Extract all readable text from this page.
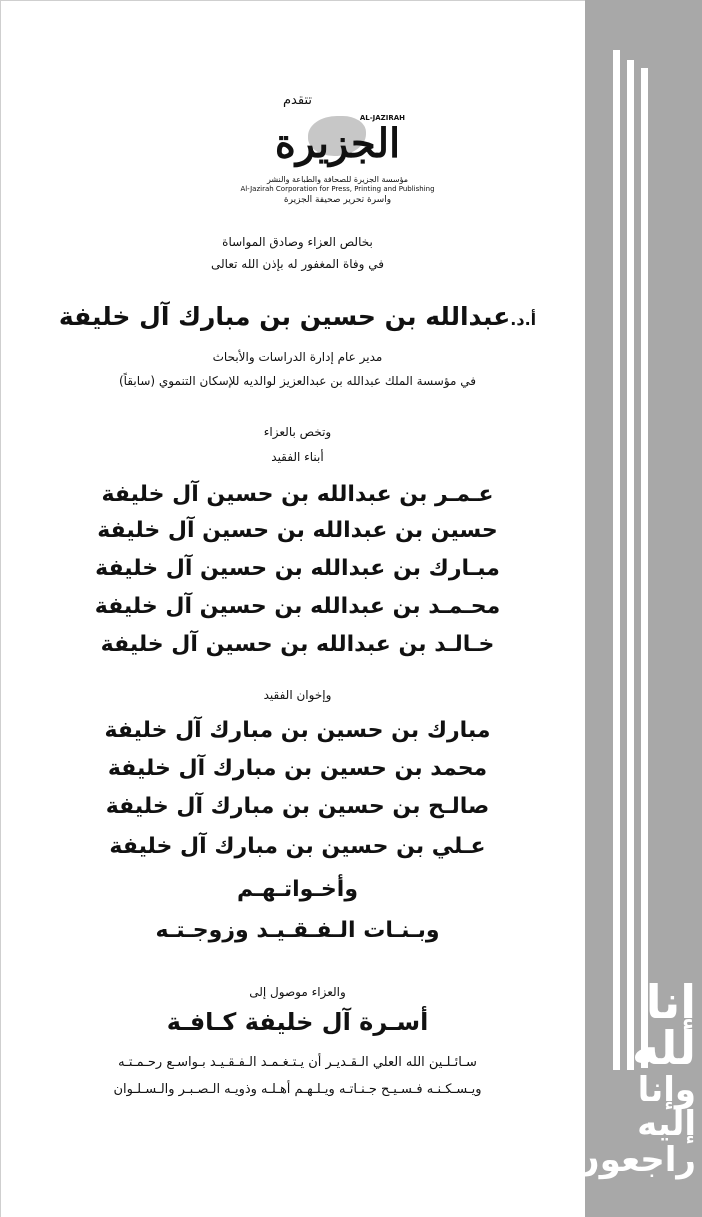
إنا لله
وإنا إليه
راجعون
تتقدم
AL-JAZIRAH
الجزيرة
مؤسسة الجزيرة للصحافة والطباعة والنشر
Al-Jazirah Corporation for Press, Printing and Publishing
واسرة تحرير صحيفة الجزيرة
بخالص العزاء وصادق المواساة
في وفاة المغفور له بإذن الله تعالى
أ.د.عبدالله بن حسين بن مبارك آل خليفة
مدير عام إدارة الدراسات والأبحاث
في مؤسسة الملك عبدالله بن عبدالعزيز لوالديه للإسكان التنموي (سابقاً)
وتخص بالعزاء
أبناء الفقيد
عـمـر بن عبدالله بن حسين آل خليفة
حسين بن عبدالله بن حسين آل خليفة
مبـارك بن عبدالله بن حسين آل خليفة
محـمـد بن عبدالله بن حسين آل خليفة
خـالـد بن عبدالله بن حسين آل خليفة
وإخوان الفقيد
مبارك بن حسين بن مبارك آل خليفة
محمد بن حسين بن مبارك آل خليفة
صالـح بن حسين بن مبارك آل خليفة
عـلي بن حسين بن مبارك آل خليفة
وأخـواتـهـم
وبـنـات الـفـقـيـد وزوجـتـه
والعزاء موصول إلى
أسـرة آل خليفة كـافـة
سـائـلـين الله العلي الـقـديـر أن يـتـغـمـد الـفـقـيـد بـواسـع رحـمـتـه
ويـسـكـنـه فـسـيـح جـنـاتـه ويـلـهـم أهـلـه وذويـه الـصـبـر والـسـلـوان
